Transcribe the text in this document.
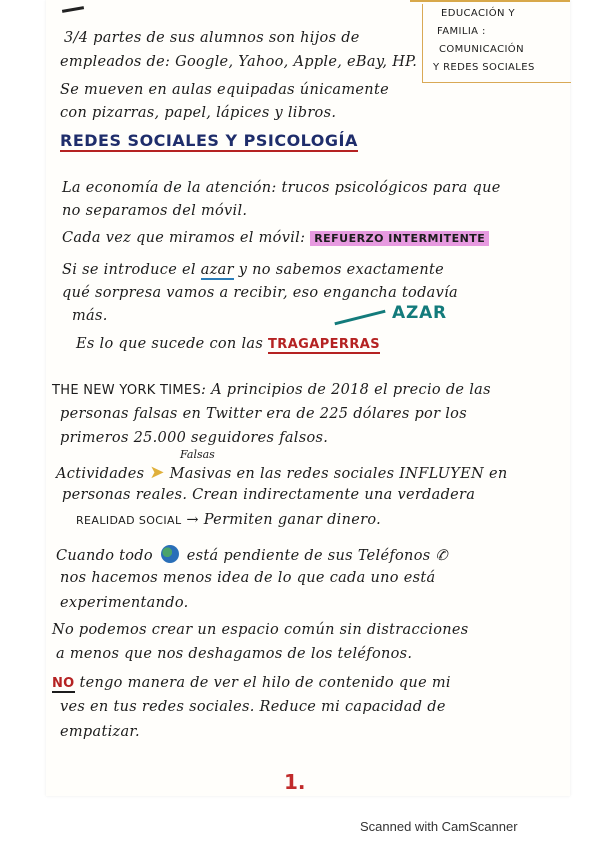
EDUCACIÓN Y
FAMILIA :
COMUNICACIÓN
Y REDES SOCIALES
3/4 partes de sus alumnos son hijos de
empleados de: Google, Yahoo, Apple, eBay, HP.
Se mueven en aulas equipadas únicamente
con pizarras, papel, lápices y libros.
REDES SOCIALES Y PSICOLOGÍA
La economía de la atención: trucos psicológicos para que
no separamos del móvil.
Cada vez que miramos el móvil: REFUERZO INTERMITENTE
Si se introduce el azar y no sabemos exactamente
qué sorpresa vamos a recibir, eso engancha todavía
más.	AZAR
Es lo que sucede con las TRAGAPERRAS
THE NEW YORK TIMES: A principios de 2018 el precio de las
personas falsas en Twitter era de 225 dólares por los
primeros 25.000 seguidores falsos.
Falsas
Actividades ➤ Masivas en las redes sociales INFLUYEN en
personas reales. Crean indirectamente una verdadera
REALIDAD SOCIAL → Permiten ganar dinero.
Cuando todo está pendiente de sus Teléfonos ✆
nos hacemos menos idea de lo que cada uno está
experimentando.
No podemos crear un espacio común sin distracciones
a menos que nos deshagamos de los teléfonos.
NO tengo manera de ver el hilo de contenido que mi
ves en tus redes sociales. Reduce mi capacidad de
empatizar.
1.
Scanned with CamScanner
